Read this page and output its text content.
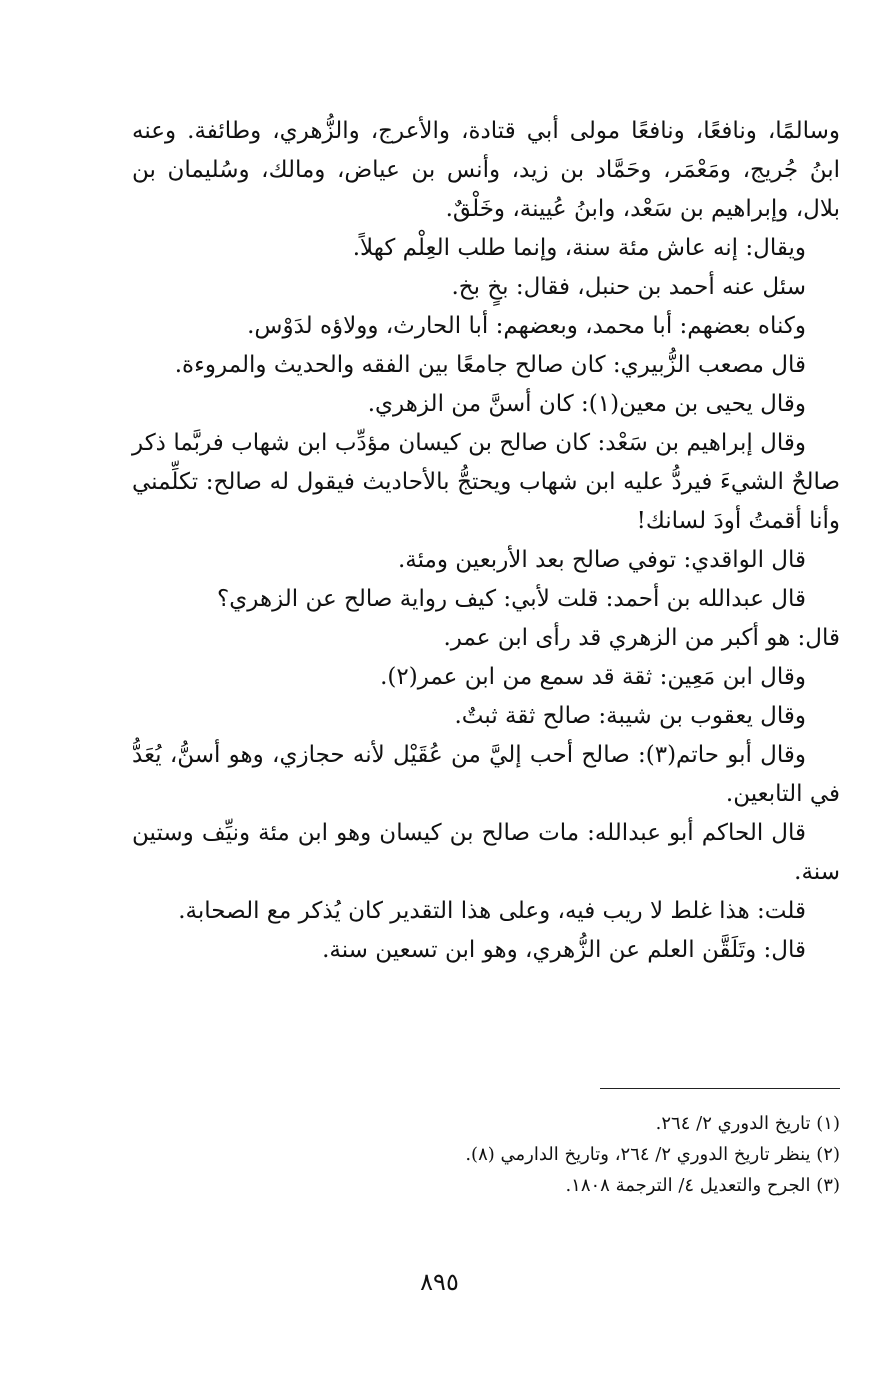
وسالمًا، ونافعًا، ونافعًا مولى أبي قتادة، والأعرج، والزُّهري، وطائفة. وعنه ابنُ جُريج، ومَعْمَر، وحَمَّاد بن زيد، وأنس بن عياض، ومالك، وسُليمان بن بلال، وإبراهيم بن سَعْد، وابنُ عُيينة، وخَلْقٌ.

ويقال: إنه عاش مئة سنة، وإنما طلب العِلْم كهلاً.

سئل عنه أحمد بن حنبل، فقال: بخٍ بخ.

وكناه بعضهم: أبا محمد، وبعضهم: أبا الحارث، وولاؤه لدَوْس.

قال مصعب الزُّبيري: كان صالح جامعًا بين الفقه والحديث والمروءة.

وقال يحيى بن معين(١): كان أسنَّ من الزهري.

وقال إبراهيم بن سَعْد: كان صالح بن كيسان مؤدِّب ابن شهاب فربَّما ذكر صالحٌ الشيءَ فيردُّ عليه ابن شهاب ويحتجُّ بالأحاديث فيقول له صالح: تكلِّمني وأنا أقمتُ أودَ لسانك!

قال الواقدي: توفي صالح بعد الأربعين ومئة.

قال عبدالله بن أحمد: قلت لأبي: كيف رواية صالح عن الزهري؟

قال: هو أكبر من الزهري قد رأى ابن عمر.

وقال ابن مَعِين: ثقة قد سمع من ابن عمر(٢).

وقال يعقوب بن شيبة: صالح ثقة ثبتٌ.

وقال أبو حاتم(٣): صالح أحب إليَّ من عُقَيْل لأنه حجازي، وهو أسنُّ، يُعَدُّ في التابعين.

قال الحاكم أبو عبدالله: مات صالح بن كيسان وهو ابن مئة ونيِّف وستين سنة.

قلت: هذا غلط لا ريب فيه، وعلى هذا التقدير كان يُذكر مع الصحابة.

قال: وتَلَقَّن العلم عن الزُّهري، وهو ابن تسعين سنة.

(١) تاريخ الدوري ٢/ ٢٦٤.

(٢) ينظر تاريخ الدوري ٢/ ٢٦٤، وتاريخ الدارمي (٨).

(٣) الجرح والتعديل ٤/ الترجمة ١٨٠٨.

٨٩٥
